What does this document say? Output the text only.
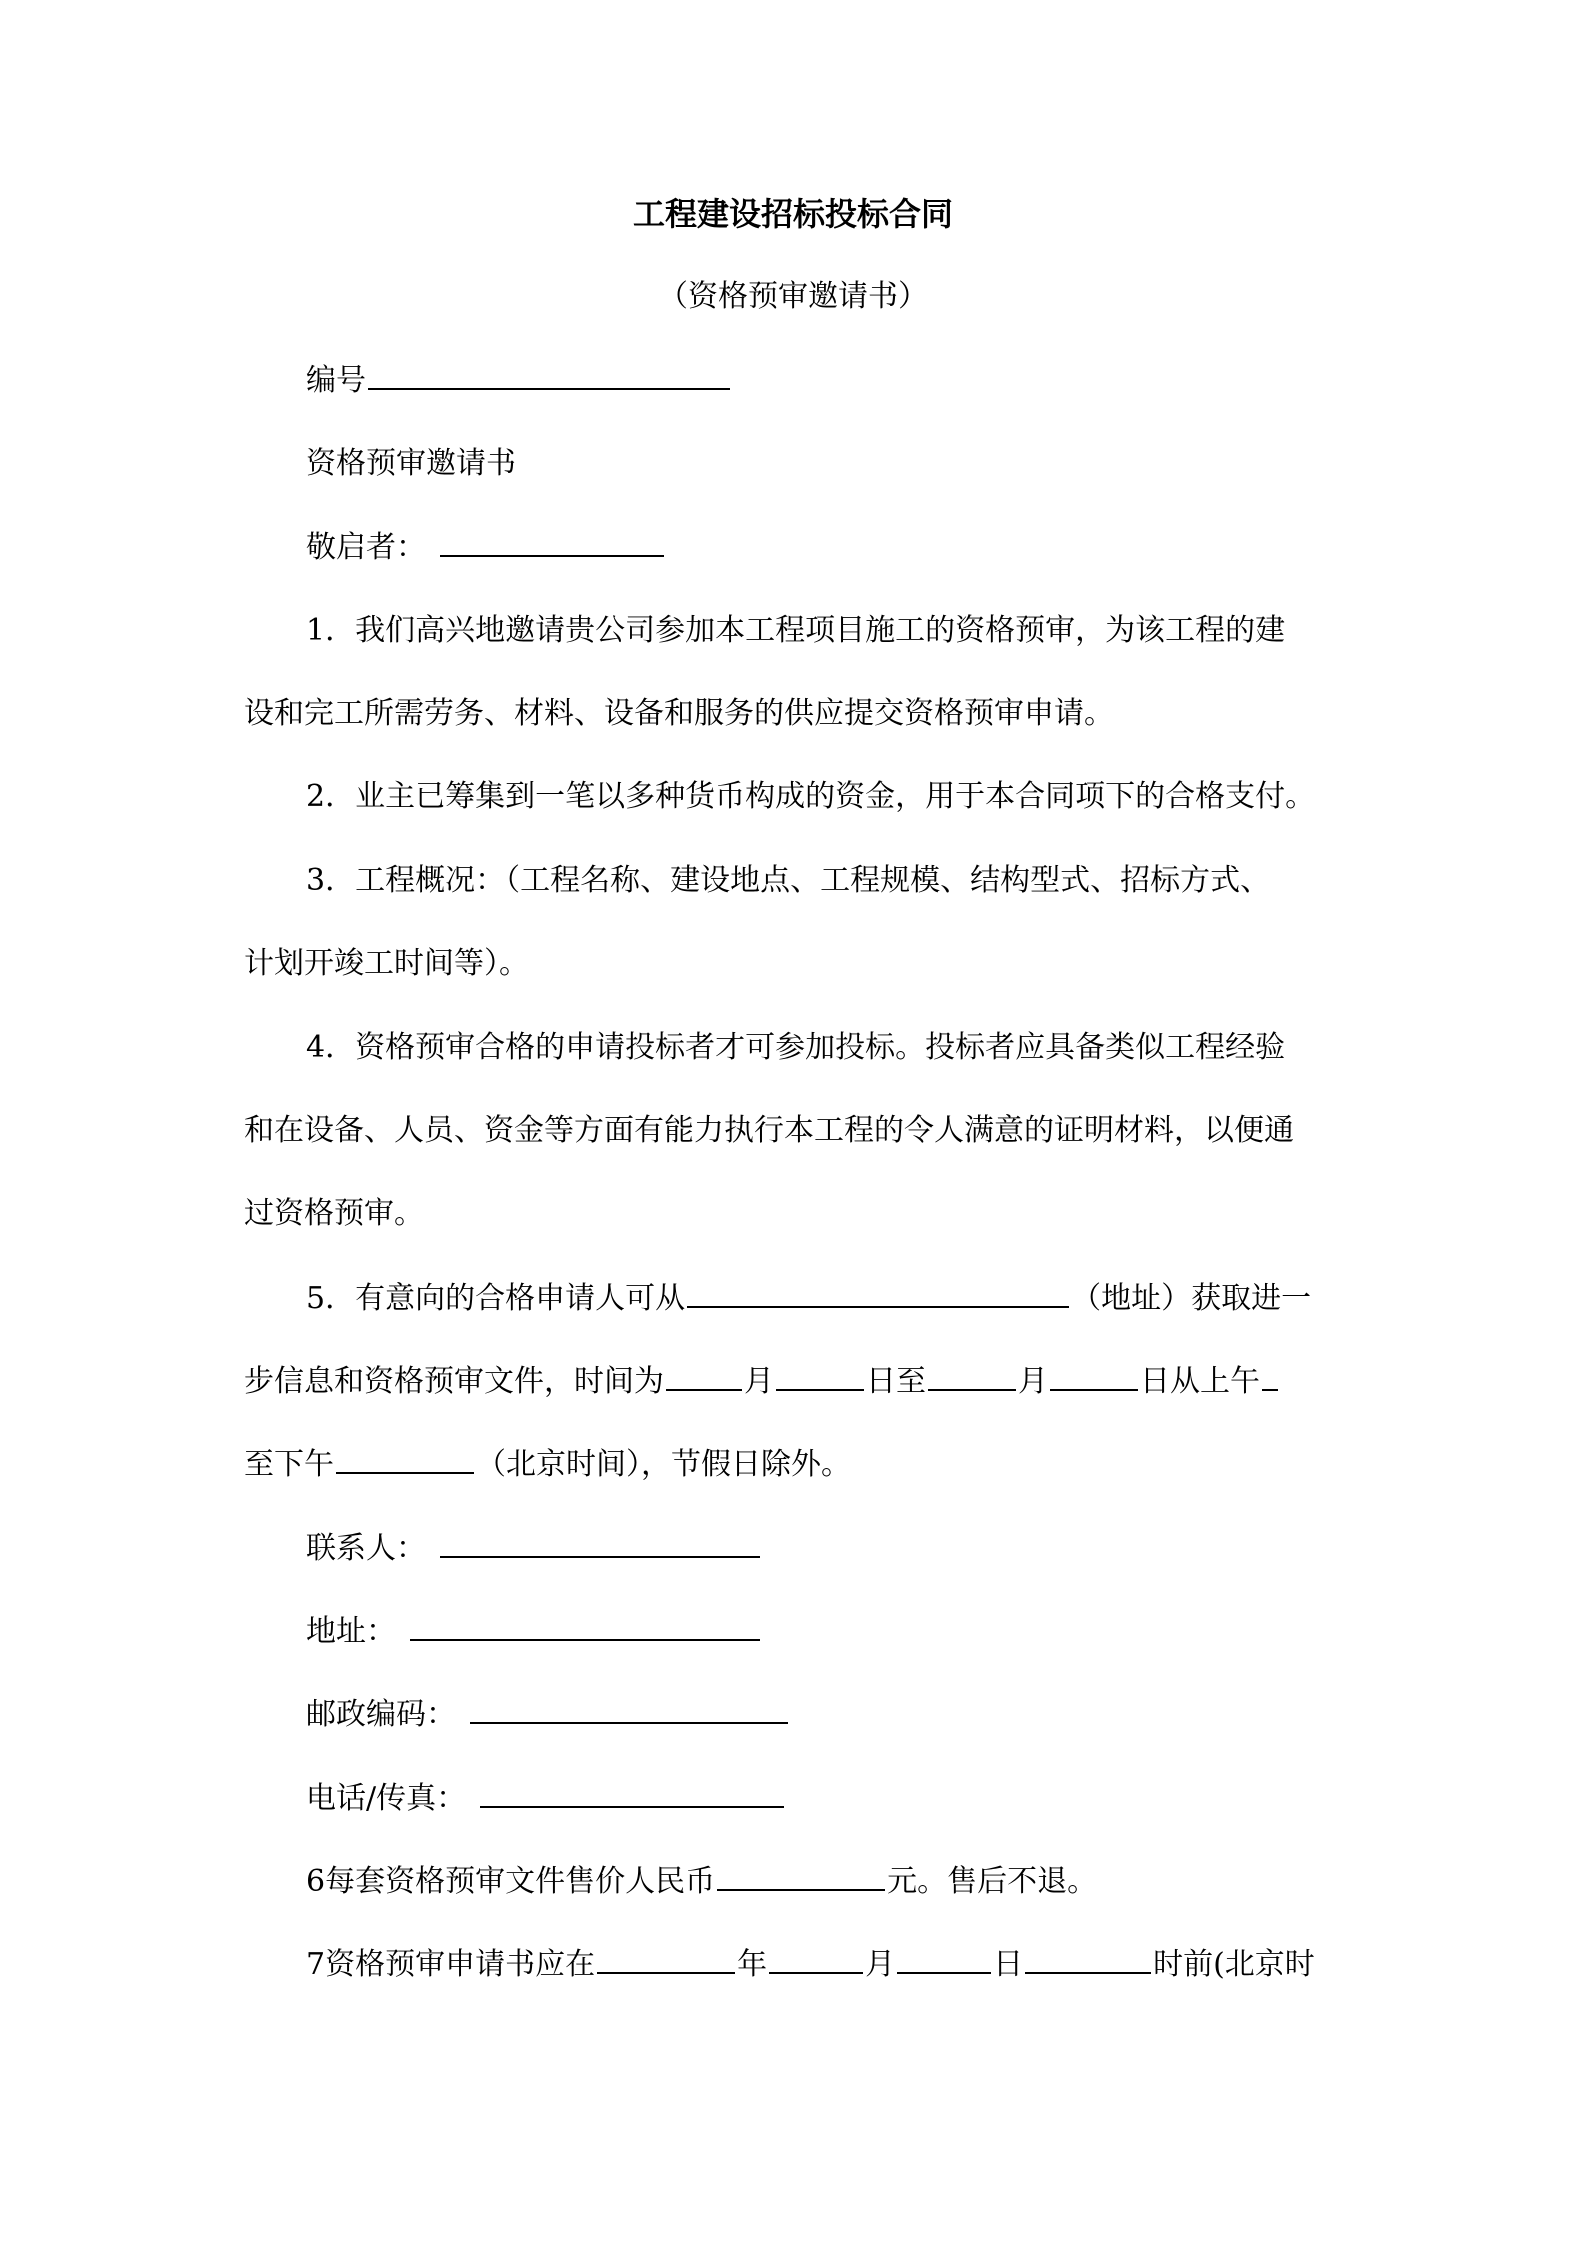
工程建设招标投标合同
（资格预审邀请书）
编号
资格预审邀请书
敬启者：
1．我们高兴地邀请贵公司参加本工程项目施工的资格预审，为该工程的建
设和完工所需劳务、材料、设备和服务的供应提交资格预审申请。
2．业主已筹集到一笔以多种货币构成的资金，用于本合同项下的合格支付。
3．工程概况：（工程名称、建设地点、工程规模、结构型式、招标方式、
计划开竣工时间等）。
4．资格预审合格的申请投标者才可参加投标。投标者应具备类似工程经验
和在设备、人员、资金等方面有能力执行本工程的令人满意的证明材料，以便通
过资格预审。
5．有意向的合格申请人可从	（地址）获取进一
步信息和资格预审文件，时间为	月	日至	月	日从上午
至下午	（北京时间），节假日除外。
联系人：
地址：
邮政编码：
电话/传真：
6每套资格预审文件售价人民币	元。售后不退。
7资格预审申请书应在	年	月	日	时前(北京时
